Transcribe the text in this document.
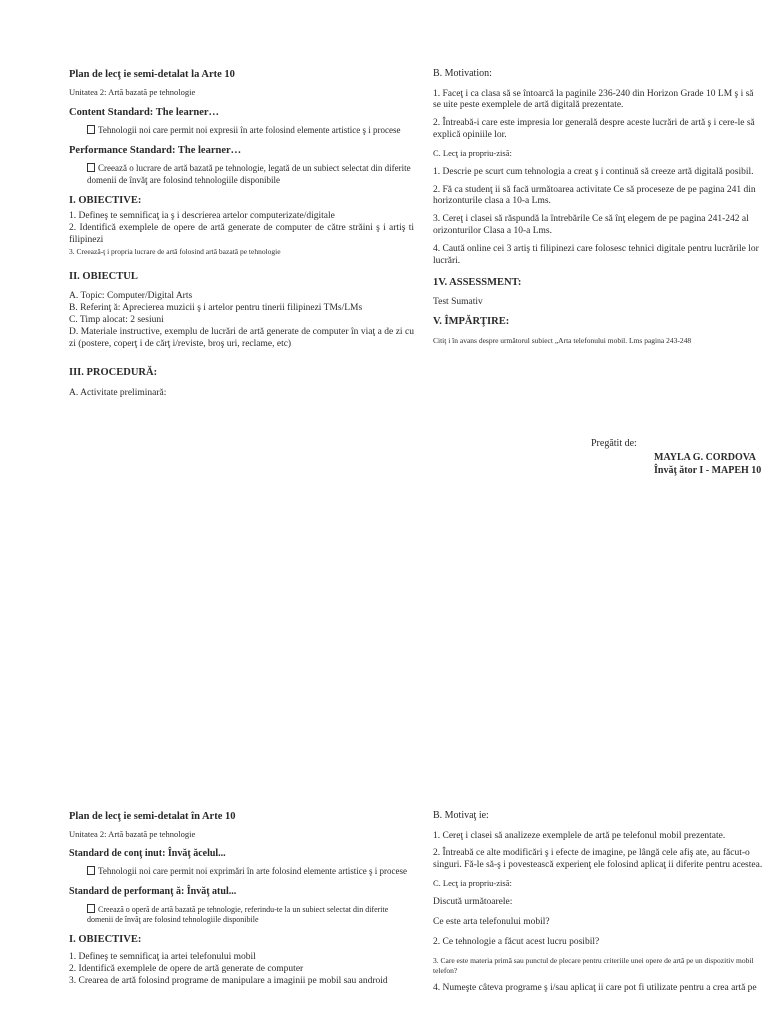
Plan de lecţ ie semi-detalat la Arte 10

Unitatea 2: Artă bazată pe tehnologie

Content Standard: The learner…

Tehnologii noi care permit noi expresii în arte folosind elemente artistice ş i procese

Performance Standard: The learner…

Creează o lucrare de artă bazată pe tehnologie, legată de un subiect selectat din diferite domenii de învăţ are folosind tehnologiile disponibile

I. OBIECTIVE:

1. Defineş te semnificaţ ia ş i descrierea artelor computerizate/digitale

2. Identifică exemplele de opere de artă generate de computer de către străini ş i artiş ti filipinezi

3. Creează-ţ i propria lucrare de artă folosind artă bazată pe tehnologie

II. OBIECTUL

A. Topic: Computer/Digital Arts

B. Referinţ ă: Aprecierea muzicii ş i artelor pentru tinerii filipinezi TMs/LMs

C. Timp alocat: 2 sesiuni

D. Materiale instructive, exemplu de lucrări de artă generate de computer în viaţ a de zi cu zi (postere, coperţ i de cărţ i/reviste, broş uri, reclame, etc)

III. PROCEDURĂ:

A. Activitate preliminară:

B. Motivation:

1. Faceţ i ca clasa să se întoarcă la paginile 236-240 din Horizon Grade 10 LM ş i să se uite peste exemplele de artă digitală prezentate.

2. Întreabă-i care este impresia lor generală despre aceste lucrări de artă ş i cere-le să explică opiniile lor.

C. Lecţ ia propriu-zisă:

1. Descrie pe scurt cum tehnologia a creat ş i continuă să creeze artă digitală posibil.

2. Fă ca studenţ ii să facă următoarea activitate Ce să proceseze de pe pagina 241 din horizonturile clasa a 10-a Lms.

3. Cereţ i clasei să răspundă la întrebările Ce să înţ elegem de pe pagina 241-242 al orizonturilor Clasa a 10-a Lms.

4. Caută online cei 3 artiş ti filipinezi care folosesc tehnici digitale pentru lucrările lor lucrări.

1V. ASSESSMENT:

Test Sumativ

V. ÎMPĂRŢIRE:

Citiţ i în avans despre următorul subiect „Arta telefonului mobil. Lms pagina 243-248

Pregătit de:
MAYLA G. CORDOVA
Învăţ ător I - MAPEH 10

Plan de lecţ ie semi-detalat în Arte 10

Unitatea 2: Artă bazată pe tehnologie

Standard de conţ inut: Învăţ ăcelul...

Tehnologii noi care permit noi exprimări în arte folosind elemente artistice ş i procese

Standard de performanţ ă: Învăţ atul...

Creează o operă de artă bazată pe tehnologie, referindu-te la un subiect selectat din diferite domenii de învăţ are folosind tehnologiile disponibile

I. OBIECTIVE:

1. Defineş te semnificaţ ia artei telefonului mobil

2. Identifică exemplele de opere de artă generate de computer

3. Crearea de artă folosind programe de manipulare a imaginii pe mobil sau android

B. Motivaţ ie:

1. Cereţ i clasei să analizeze exemplele de artă pe telefonul mobil prezentate.

2. Întreabă ce alte modificări ş i efecte de imagine, pe lângă cele afiş ate, au făcut-o singuri. Fă-le să-ş i povestească experienţ ele folosind aplicaţ ii diferite pentru acestea.

C. Lecţ ia propriu-zisă:

Discută următoarele:

Ce este arta telefonului mobil?

2. Ce tehnologie a făcut acest lucru posibil?

3. Care este materia primă sau punctul de plecare pentru criteriile unei opere de artă pe un dispozitiv mobil telefon?

4. Numeşte câteva programe ş i/sau aplicaţ ii care pot fi utilizate pentru a crea artă pe
